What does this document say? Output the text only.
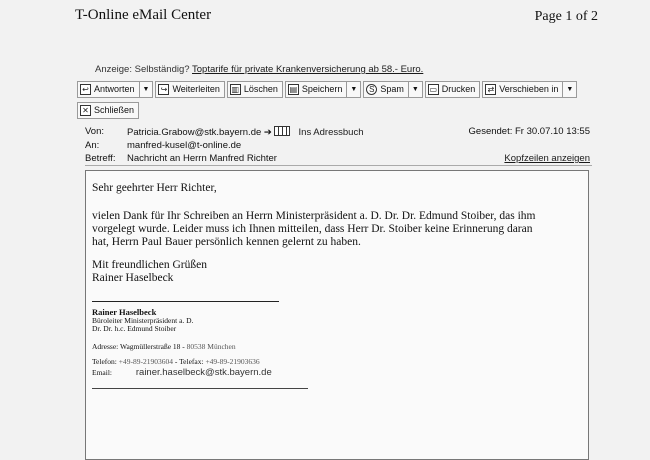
T-Online eMail Center	Page 1 of 2
Anzeige: Selbständig? Toptarife für private Krankenversicherung ab 58.- Euro.
↩ Antworten	▼	↪ Weiterleiten ▥ Löschen ▤ Speichern	▼	S Spam	▼	▭ Drucken ⇄ Verschieben in	▼
✕ Schließen
Von: Patricia.Grabow@stk.bayern.de ➔	Ins Adressbuch	Gesendet: Fr 30.07.10 13:55
An:	manfred-kusel@t-online.de
Betreff: Nachricht an Herrn Manfred Richter	Kopfzeilen anzeigen
Sehr geehrter Herr Richter,
vielen Dank für Ihr Schreiben an Herrn Ministerpräsident a. D. Dr. Dr. Edmund Stoiber, das ihm
vorgelegt wurde. Leider muss ich Ihnen mitteilen, dass Herr Dr. Stoiber keine Erinnerung daran
hat, Herrn Paul Bauer persönlich kennen gelernt zu haben.
Mit freundlichen Grüßen
Rainer Haselbeck
Rainer Haselbeck
Büroleiter Ministerpräsident a. D.
Dr. Dr. h.c. Edmund Stoiber
Adresse: Wagmüllerstraße 18 - 80538 München
Telefon: +49-89-21903604 - Telefax: +49-89-21903636
Email:	rainer.haselbeck@stk.bayern.de
